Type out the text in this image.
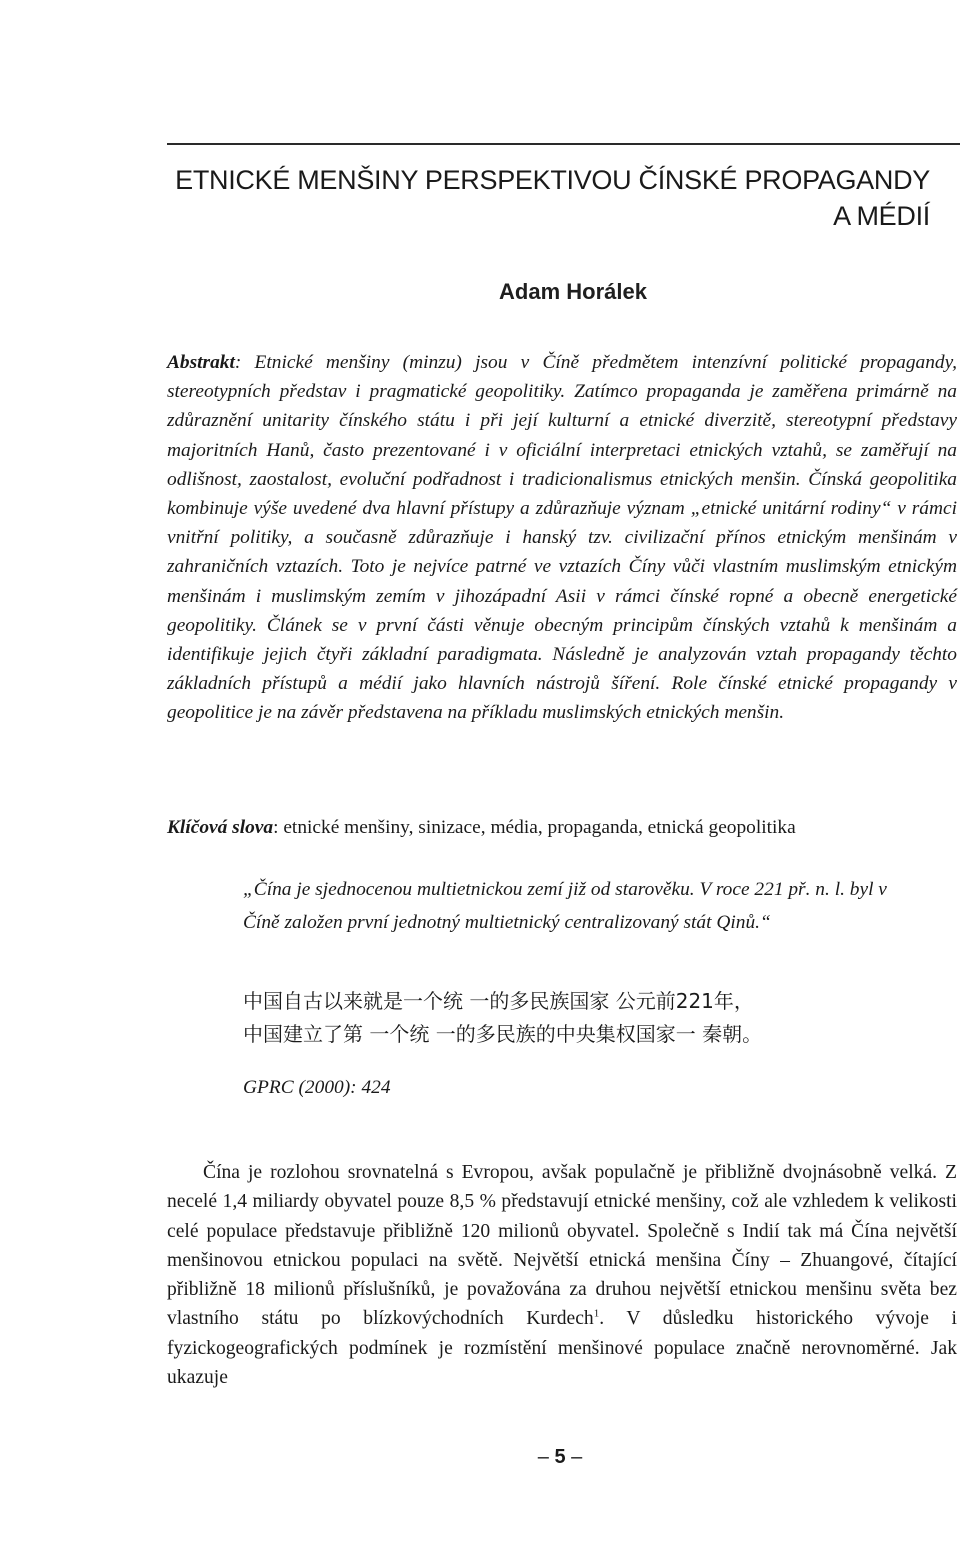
ETNICKÉ MENŠINY PERSPEKTIVOU ČÍNSKÉ PROPAGANDY
A MÉDIÍ
Adam Horálek

Abstrakt: Etnické menšiny (minzu) jsou v Číně předmětem intenzívní politické propagandy, stereotypních představ i pragmatické geopolitiky. Zatímco propaganda je zaměřena primárně na zdůraznění unitarity čínského státu i při její kulturní a etnické diverzitě, stereotypní představy majoritních Hanů, často prezentované i v oficiální interpretaci etnických vztahů, se zaměřují na odlišnost, zaostalost, evoluční podřadnost i tradicionalismus etnických menšin. Čínská geopolitika kombinuje výše uvedené dva hlavní přístupy a zdůrazňuje význam „etnické unitární rodiny“ v rámci vnitřní politiky, a současně zdůrazňuje i hanský tzv. civilizační přínos etnickým menšinám v zahraničních vztazích. Toto je nejvíce patrné ve vztazích Číny vůči vlastním muslimským etnickým menšinám i muslimským zemím v jihozápadní Asii v rámci čínské ropné a obecně energetické geopolitiky. Článek se v první části věnuje obecným principům čínských vztahů k menšinám a identifikuje jejich čtyři základní paradigmata. Následně je analyzován vztah propagandy těchto základních přístupů a médií jako hlavních nástrojů šíření. Role čínské etnické propagandy v geopolitice je na závěr představena na příkladu muslimských etnických menšin.

Klíčová slova: etnické menšiny, sinizace, média, propaganda, etnická geopolitika

„Čína je sjednocenou multietnickou zemí již od starověku. V roce 221 př. n. l. byl v Číně založen první jednotný multietnický centralizovaný stát Qinů.“

中国自古以来就是一个统 一的多民族国家 公元前221年，
中国建立了第 一个统 一的多民族的中央集权国家一 秦朝。
GPRC (2000): 424

Čína je rozlohou srovnatelná s Evropou, avšak populačně je přibližně dvojnásobně velká. Z necelé 1,4 miliardy obyvatel pouze 8,5 % představují etnické menšiny, což ale vzhledem k velikosti celé populace představuje přibližně 120 milionů obyvatel. Společně s Indií tak má Čína největší menšinovou etnickou populaci na světě. Největší etnická menšina Číny – Zhuangové, čítající přibližně 18 milionů příslušníků, je považována za druhou největší etnickou menšinu světa bez vlastního státu po blízkovýchodních Kurdech$^1$. V důsledku historického vývoje i fyzickogeografických podmínek je rozmístění menšinové populace značně nerovnoměrné. Jak ukazuje

– 5 –
